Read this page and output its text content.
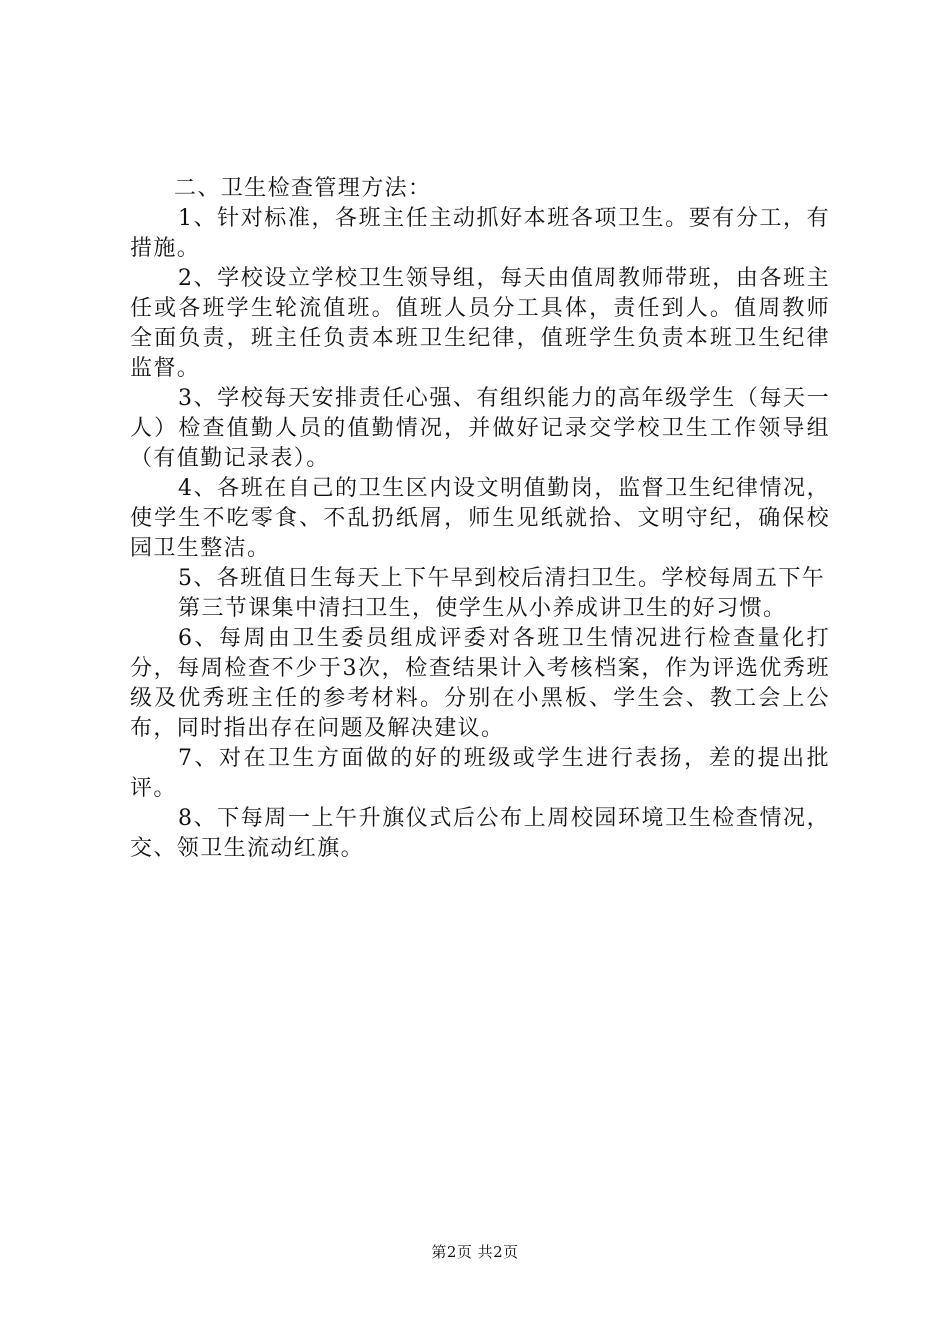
二、卫生检查管理方法：

1、针对标准，各班主任主动抓好本班各项卫生。要有分工，有措施。

2、学校设立学校卫生领导组，每天由值周教师带班，由各班主任或各班学生轮流值班。值班人员分工具体，责任到人。值周教师全面负责，班主任负责本班卫生纪律，值班学生负责本班卫生纪律监督。

3、学校每天安排责任心强、有组织能力的高年级学生（每天一人）检查值勤人员的值勤情况，并做好记录交学校卫生工作领导组（有值勤记录表）。

4、各班在自己的卫生区内设文明值勤岗，监督卫生纪律情况，使学生不吃零食、不乱扔纸屑，师生见纸就拾、文明守纪，确保校园卫生整洁。

5、各班值日生每天上下午早到校后清扫卫生。学校每周五下午

第三节课集中清扫卫生，使学生从小养成讲卫生的好习惯。

6、每周由卫生委员组成评委对各班卫生情况进行检查量化打分，每周检查不少于3次，检查结果计入考核档案，作为评选优秀班级及优秀班主任的参考材料。分别在小黑板、学生会、教工会上公布，同时指出存在问题及解决建议。

7、对在卫生方面做的好的班级或学生进行表扬，差的提出批评。

8、下每周一上午升旗仪式后公布上周校园环境卫生检查情况，交、领卫生流动红旗。

第2页 共2页
